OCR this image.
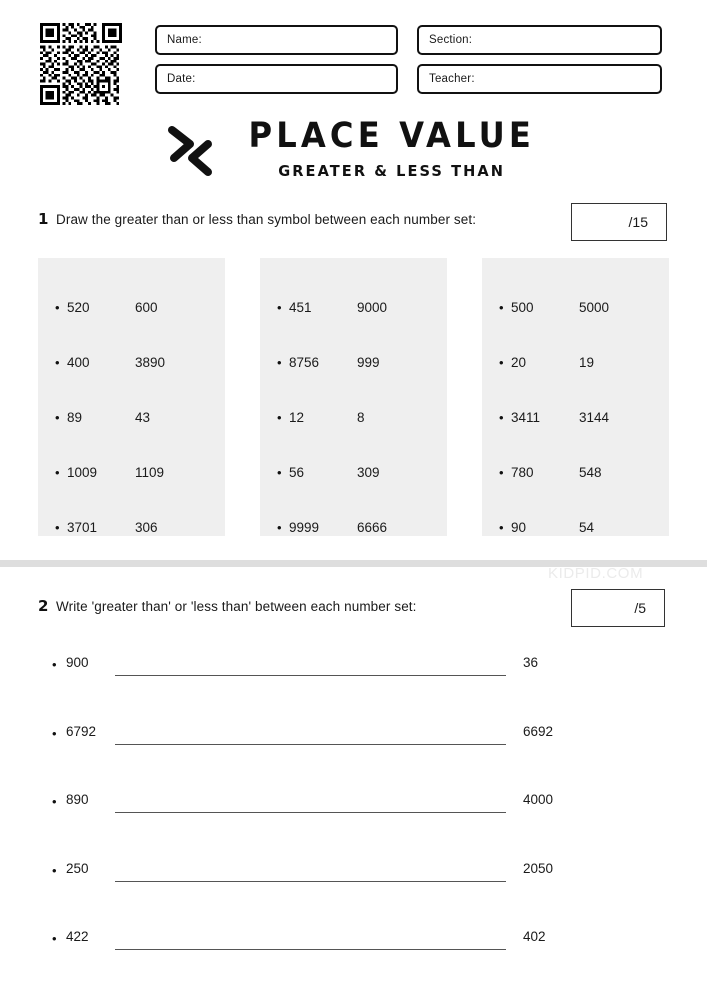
Name:
Date:
Section:
Teacher:
PLACE VALUE
GREATER & LESS THAN
1 Draw the greater than or less than symbol between each number set:	/15
• 520	600
• 400	3890
• 89	43
• 1009	1109
• 3701	306
• 451	9000
• 8756	999
• 12	8
• 56	309
• 9999	6666
• 500	5000
• 20	19
• 3411	3144
• 780	548
• 90	54
KIDPID.COM
2 Write 'greater than' or 'less than' between each number set:	/5
• 900	36
• 6792	6692
• 890	4000
• 250	2050
• 422	402
